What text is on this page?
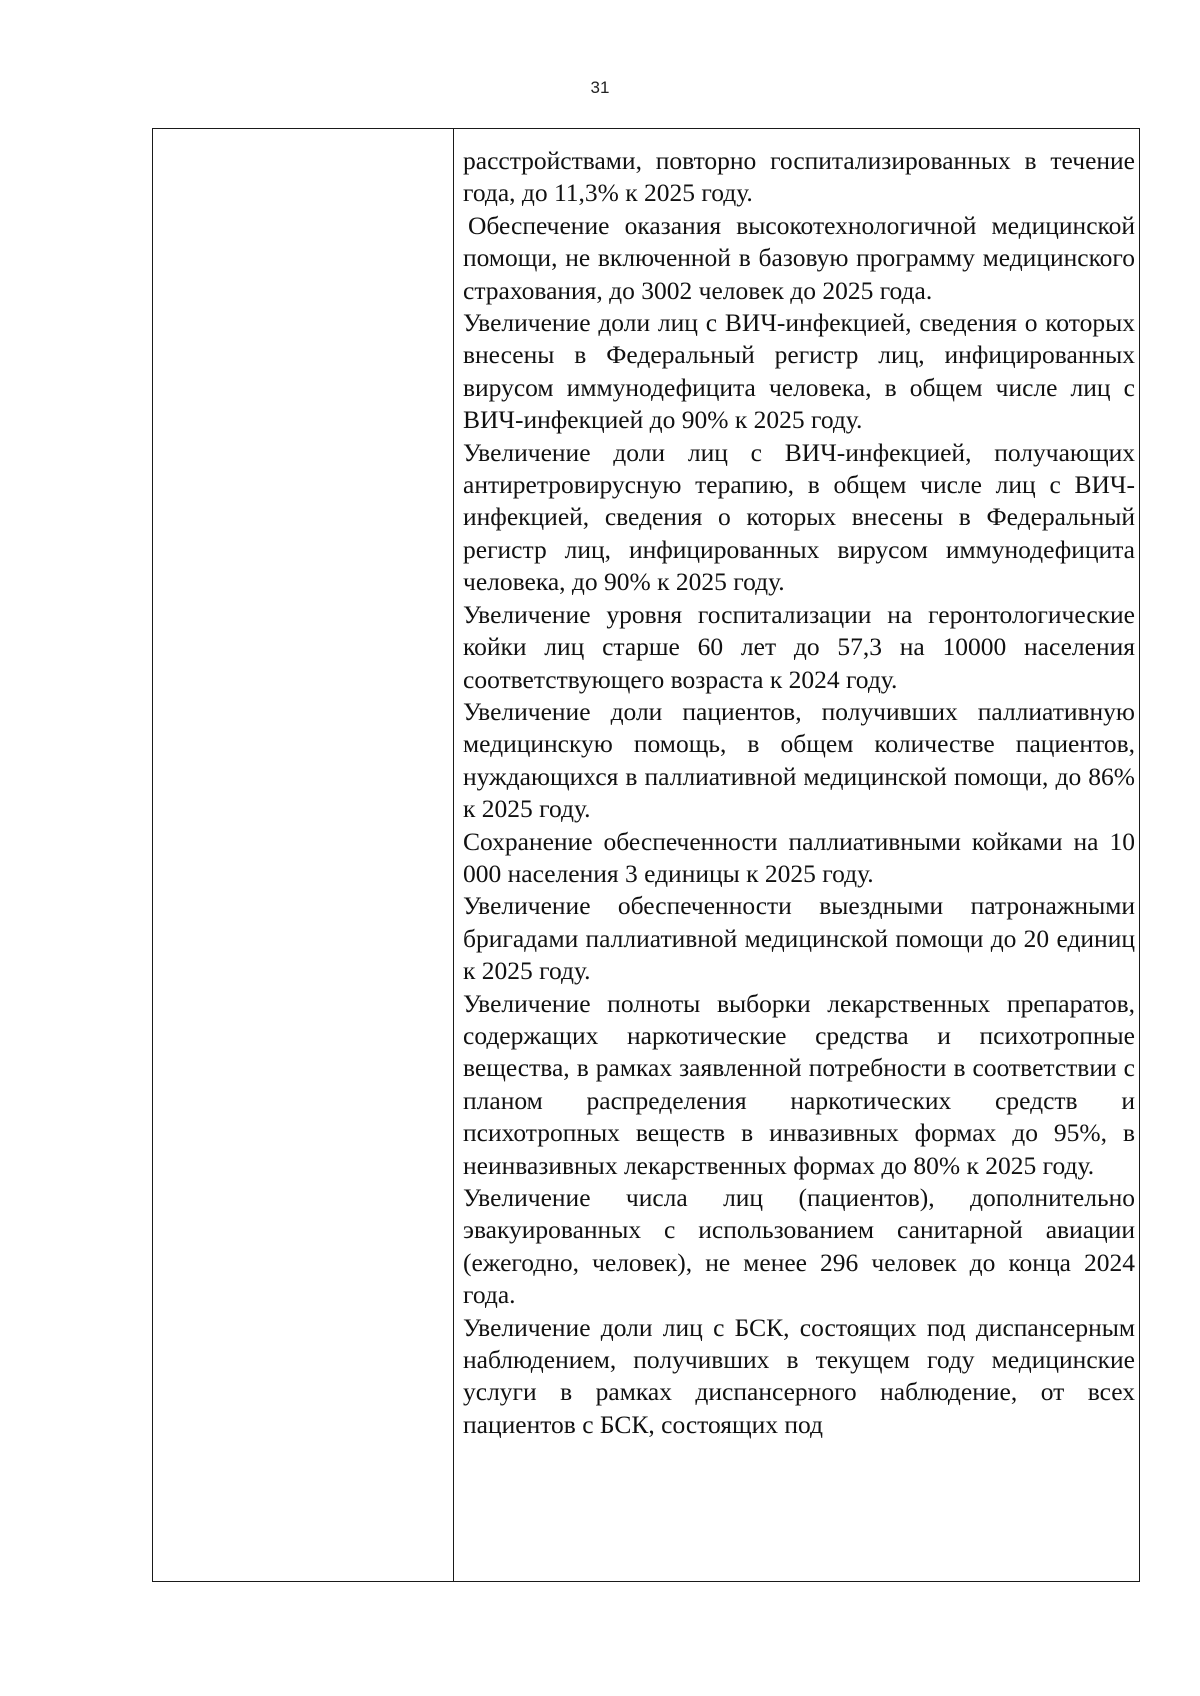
31

расстройствами, повторно госпитализированных в течение года, до 11,3% к 2025 году.

Обеспечение оказания высокотехнологичной медицинской помощи, не включенной в базовую программу медицинского страхования, до 3002 человек до 2025 года.

Увеличение доли лиц с ВИЧ-инфекцией, сведения о которых внесены в Федеральный регистр лиц, инфицированных вирусом иммунодефицита человека, в общем числе лиц с ВИЧ-инфекцией до 90% к 2025 году.

Увеличение доли лиц с ВИЧ-инфекцией, получающих антиретровирусную терапию, в общем числе лиц с ВИЧ-инфекцией, сведения о которых внесены в Федеральный регистр лиц, инфицированных вирусом иммунодефицита человека, до 90% к 2025 году.

Увеличение уровня госпитализации на геронтологические койки лиц старше 60 лет до 57,3 на 10000 населения соответствующего возраста к 2024 году.

Увеличение доли пациентов, получивших паллиативную медицинскую помощь, в общем количестве пациентов, нуждающихся в паллиативной медицинской помощи, до 86% к 2025 году.

Сохранение обеспеченности паллиативными койками на 10 000 населения 3 единицы к 2025 году.

Увеличение обеспеченности выездными патронажными бригадами паллиативной медицинской помощи до 20 единиц к 2025 году.

Увеличение полноты выборки лекарственных препаратов, содержащих наркотические средства и психотропные вещества, в рамках заявленной потребности в соответствии с планом распределения наркотических средств и психотропных веществ в инвазивных формах до 95%, в неинвазивных лекарственных формах до 80% к 2025 году.

Увеличение числа лиц (пациентов), дополнительно эвакуированных с использованием санитарной авиации (ежегодно, человек), не менее 296 человек до конца 2024 года.

Увеличение доли лиц с БСК, состоящих под диспансерным наблюдением, получивших в текущем году медицинские услуги в рамках диспансерного наблюдение, от всех пациентов с БСК, состоящих под
